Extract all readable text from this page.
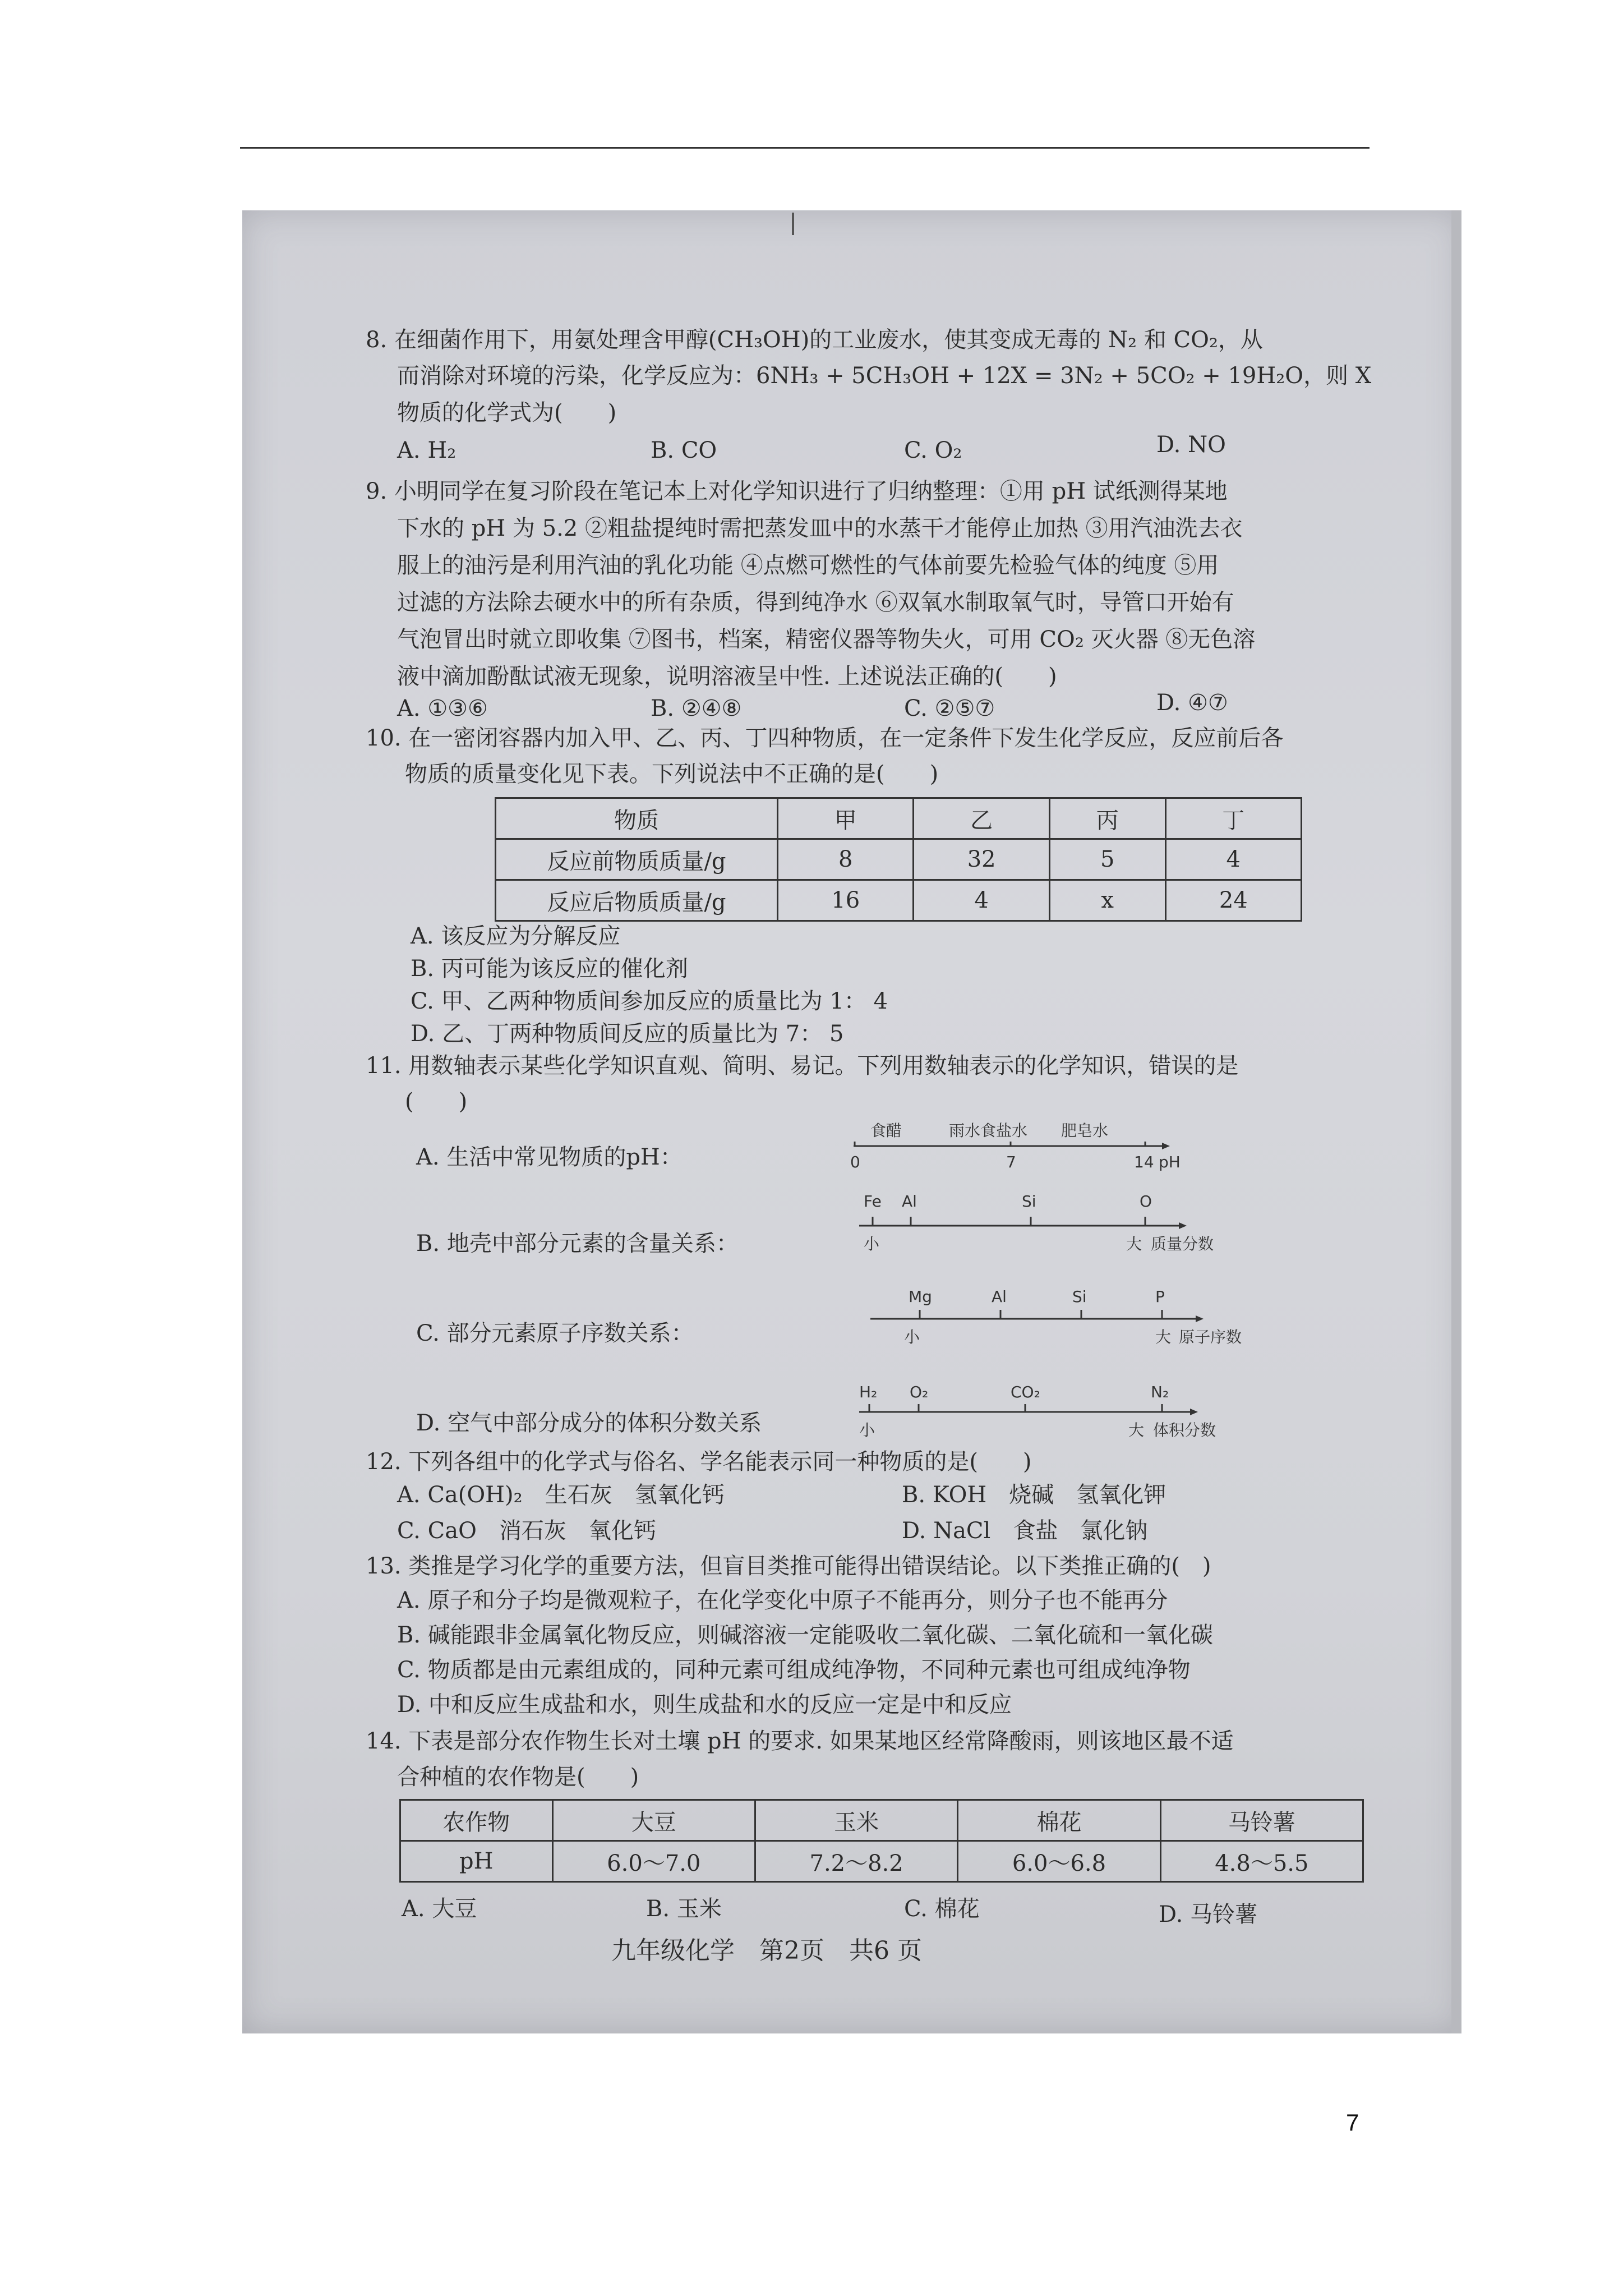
8. 在细菌作用下，用氨处理含甲醇(CH₃OH)的工业废水，使其变成无毒的 N₂ 和 CO₂，从
而消除对环境的污染，化学反应为：6NH₃ + 5CH₃OH + 12X = 3N₂ + 5CO₂ + 19H₂O，则 X
物质的化学式为(　　)
A. H₂	B. CO	C. O₂	D. NO
9. 小明同学在复习阶段在笔记本上对化学知识进行了归纳整理：①用 pH 试纸测得某地
下水的 pH 为 5.2 ②粗盐提纯时需把蒸发皿中的水蒸干才能停止加热 ③用汽油洗去衣
服上的油污是利用汽油的乳化功能 ④点燃可燃性的气体前要先检验气体的纯度 ⑤用
过滤的方法除去硬水中的所有杂质，得到纯净水 ⑥双氧水制取氧气时，导管口开始有
气泡冒出时就立即收集 ⑦图书，档案，精密仪器等物失火，可用 CO₂ 灭火器 ⑧无色溶
液中滴加酚酞试液无现象，说明溶液呈中性. 上述说法正确的(　　)
A. ①③⑥	B. ②④⑧	C. ②⑤⑦	D. ④⑦
10. 在一密闭容器内加入甲、乙、丙、丁四种物质，在一定条件下发生化学反应，反应前后各
物质的质量变化见下表。下列说法中不正确的是(　　)
物质	甲	乙	丙	丁
反应前物质质量/g	8	32	5	4
反应后物质质量/g	16	4	x	24
A. 该反应为分解反应
B. 丙可能为该反应的催化剂
C. 甲、乙两种物质间参加反应的质量比为 1： 4
D. 乙、丁两种物质间反应的质量比为 7： 5
11. 用数轴表示某些化学知识直观、简明、易记。下列用数轴表示的化学知识，错误的是
(　　)
A. 生活中常见物质的pH：
食醋	雨水食盐水 肥皂水
0	7	14 pH
B. 地壳中部分元素的含量关系：
Fe Al	Si	O
小	大 质量分数
C. 部分元素原子序数关系：
Mg	Al	Si	P
小	大 原子序数
D. 空气中部分成分的体积分数关系
H₂ O₂	CO₂	N₂
小	大 体积分数
12. 下列各组中的化学式与俗名、学名能表示同一种物质的是(　　)
A. Ca(OH)₂　生石灰　氢氧化钙	B. KOH　烧碱　氢氧化钾
C. CaO　消石灰　氧化钙	D. NaCl　食盐　氯化钠
13. 类推是学习化学的重要方法，但盲目类推可能得出错误结论。以下类推正确的(　)
A. 原子和分子均是微观粒子，在化学变化中原子不能再分，则分子也不能再分
B. 碱能跟非金属氧化物反应，则碱溶液一定能吸收二氧化碳、二氧化硫和一氧化碳
C. 物质都是由元素组成的，同种元素可组成纯净物，不同种元素也可组成纯净物
D. 中和反应生成盐和水，则生成盐和水的反应一定是中和反应
14. 下表是部分农作物生长对土壤 pH 的要求. 如果某地区经常降酸雨，则该地区最不适
合种植的农作物是(　　)
农作物	大豆	玉米	棉花	马铃薯
pH	6.0～7.0	7.2～8.2	6.0～6.8	4.8～5.5
A. 大豆	B. 玉米	C. 棉花	D. 马铃薯
九年级化学　第2页　共6 页
7
